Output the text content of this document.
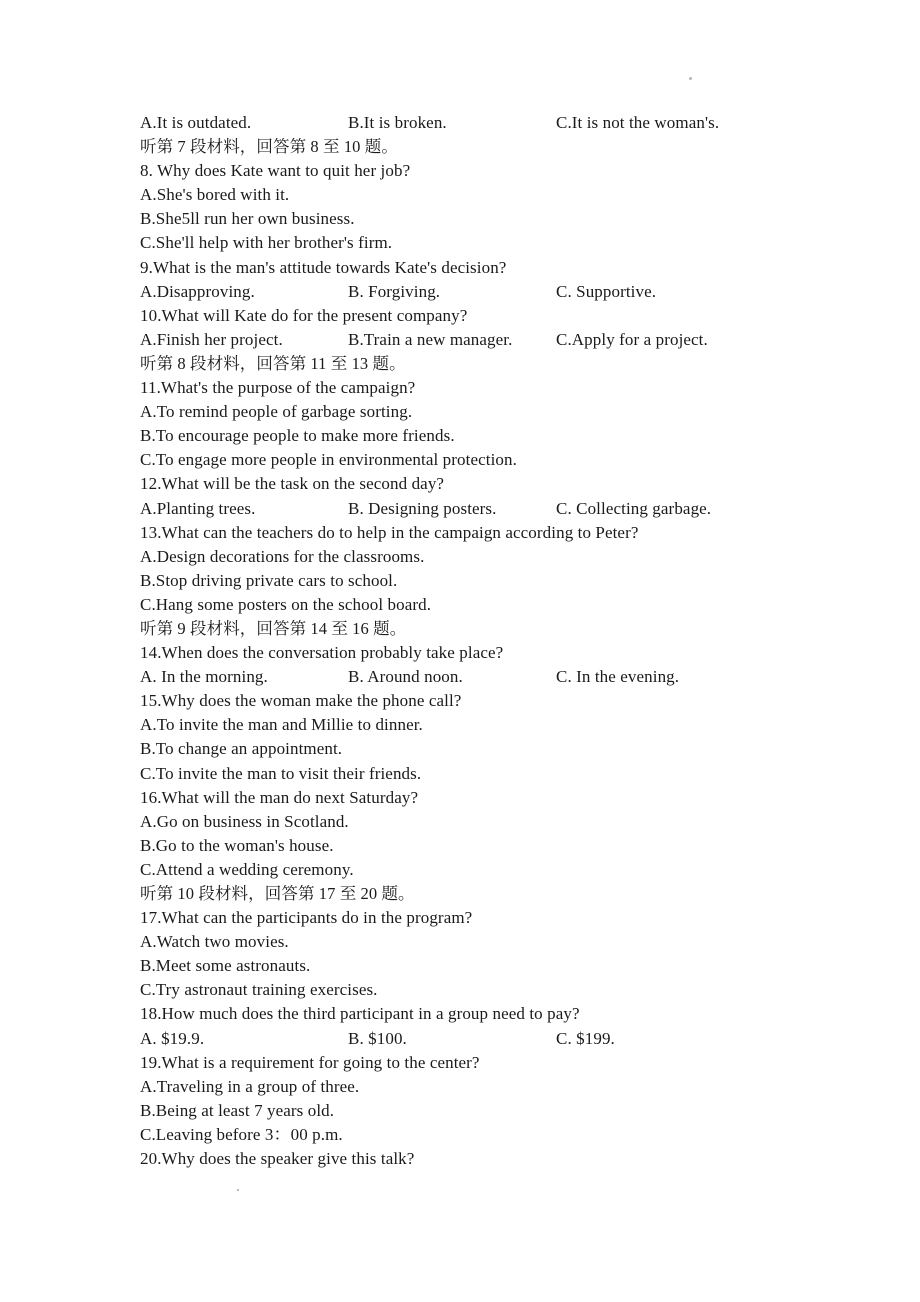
A.It is outdated.	B.It is broken.	C.It is not the woman's.
听第 7 段材料，回答第 8 至 10 题。
8. Why does Kate want to quit her job?
A.She's bored with it.
B.She5ll run her own business.
C.She'll help with her brother's firm.
9.What is the man's attitude towards Kate's decision?
A.Disapproving.	B. Forgiving.	C. Supportive.
10.What will Kate do for the present company?
A.Finish her project.	B.Train a new manager.	C.Apply for a project.
听第 8 段材料，回答第 11 至 13 题。
11.What's the purpose of the campaign?
A.To remind people of garbage sorting.
B.To encourage people to make more friends.
C.To engage more people in environmental protection.
12.What will be the task on the second day?
A.Planting trees.	B. Designing posters.	C. Collecting garbage.
13.What can the teachers do to help in the campaign according to Peter?
A.Design decorations for the classrooms.
B.Stop driving private cars to school.
C.Hang some posters on the school board.
听第 9 段材料，回答第 14 至 16 题。
14.When does the conversation probably take place?
A. In the morning.	B. Around noon.	C. In the evening.
15.Why does the woman make the phone call?
A.To invite the man and Millie to dinner.
B.To change an appointment.
C.To invite the man to visit their friends.
16.What will the man do next Saturday?
A.Go on business in Scotland.
B.Go to the woman's house.
C.Attend a wedding ceremony.
听第 10 段材料，回答第 17 至 20 题。
17.What can the participants do in the program?
A.Watch two movies.
B.Meet some astronauts.
C.Try astronaut training exercises.
18.How much does the third participant in a group need to pay?
A. $19.9.	B. $100.	C. $199.
19.What is a requirement for going to the center?
A.Traveling in a group of three.
B.Being at least 7 years old.
C.Leaving before 3：00 p.m.
20.Why does the speaker give this talk?
